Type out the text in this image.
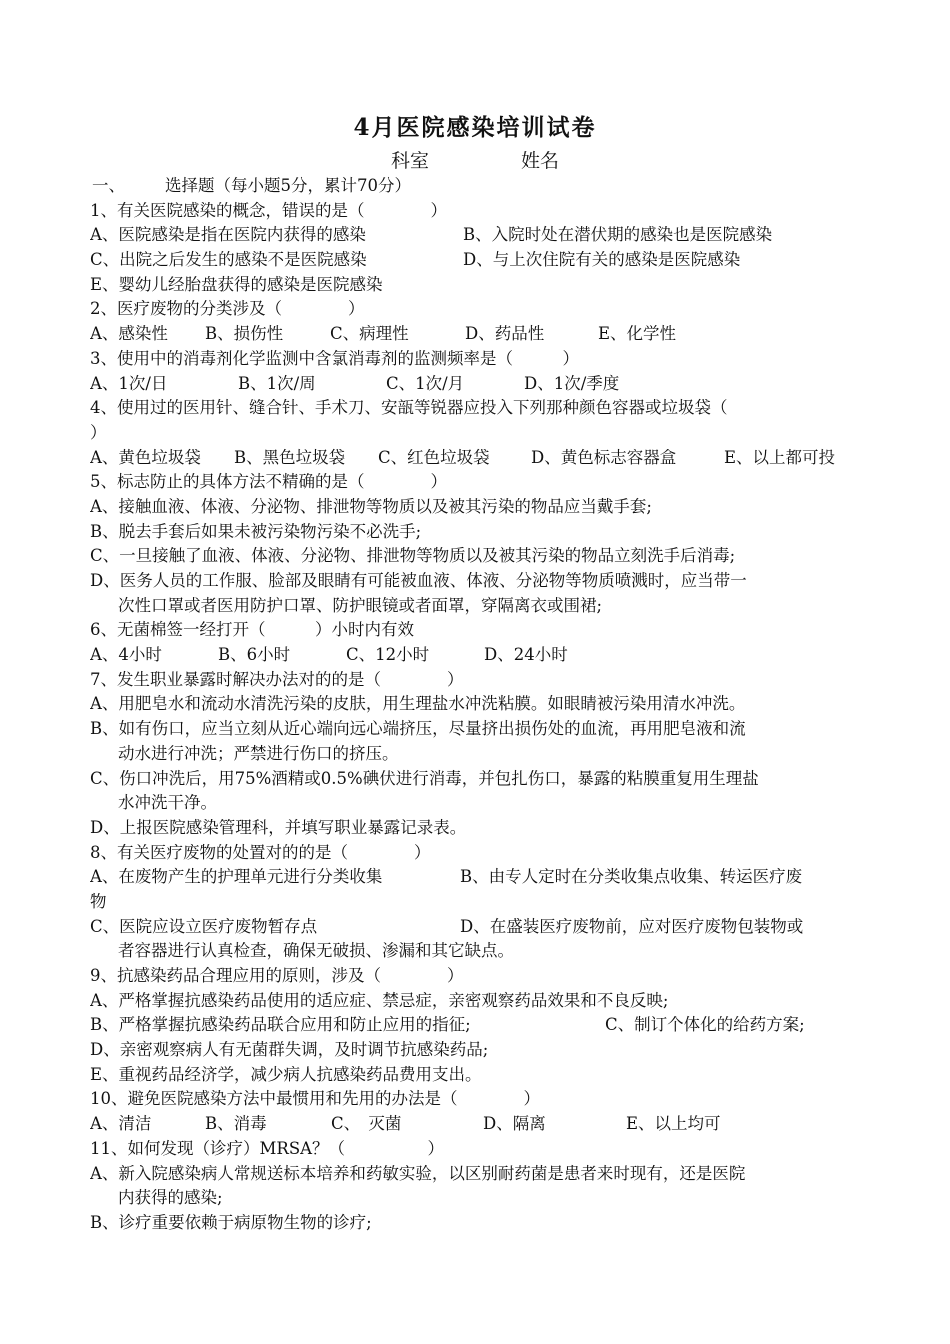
4月医院感染培训试卷
科室	姓名
一、 选择题（每小题5分，累计70分）
1、有关医院感染的概念，错误的是（　　　　）
A、医院感染是指在医院内获得的感染	B、入院时处在潜伏期的感染也是医院感染
C、出院之后发生的感染不是医院感染	D、与上次住院有关的感染是医院感染
E、婴幼儿经胎盘获得的感染是医院感染
2、医疗废物的分类涉及（　　　　）
A、感染性 B、损伤性	C、病理性	D、药品性	E、化学性
3、使用中的消毒剂化学监测中含氯消毒剂的监测频率是（　　　）
A、1次/日	B、1次/周	C、1次/月	D、1次/季度
4、使用过的医用针、缝合针、手术刀、安瓿等锐器应投入下列那种颜色容器或垃圾袋（
）
A、黄色垃圾袋 B、黑色垃圾袋 C、红色垃圾袋	D、黄色标志容器盒	E、以上都可投
5、标志防止的具体方法不精确的是（　　　　）
A、接触血液、体液、分泌物、排泄物等物质以及被其污染的物品应当戴手套;
B、脱去手套后如果未被污染物污染不必洗手;
C、一旦接触了血液、体液、分泌物、排泄物等物质以及被其污染的物品立刻洗手后消毒;
D、医务人员的工作服、脸部及眼睛有可能被血液、体液、分泌物等物质喷溅时，应当带一
次性口罩或者医用防护口罩、防护眼镜或者面罩，穿隔离衣或围裙;
6、无菌棉签一经打开（　　　）小时内有效
A、4小时	B、6小时	C、12小时	D、24小时
7、发生职业暴露时解决办法对的的是（　　　　）
A、用肥皂水和流动水清洗污染的皮肤，用生理盐水冲洗粘膜。如眼睛被污染用清水冲洗。
B、如有伤口，应当立刻从近心端向远心端挤压，尽量挤出损伤处的血流，再用肥皂液和流
动水进行冲洗；严禁进行伤口的挤压。
C、伤口冲洗后，用75%酒精或0.5%碘伏进行消毒，并包扎伤口，暴露的粘膜重复用生理盐
水冲洗干净。
D、上报医院感染管理科，并填写职业暴露记录表。
8、有关医疗废物的处置对的的是（　　　　）
A、在废物产生的护理单元进行分类收集	B、由专人定时在分类收集点收集、转运医疗废
物
C、医院应设立医疗废物暂存点	D、在盛装医疗废物前，应对医疗废物包装物或
者容器进行认真检查，确保无破损、渗漏和其它缺点。
9、抗感染药品合理应用的原则，涉及（　　　　）
A、严格掌握抗感染药品使用的适应症、禁忌症，亲密观察药品效果和不良反映;
B、严格掌握抗感染药品联合应用和防止应用的指征;	C、制订个体化的给药方案;
D、亲密观察病人有无菌群失调，及时调节抗感染药品;
E、重视药品经济学，减少病人抗感染药品费用支出。
10、避免医院感染方法中最惯用和先用的办法是（　　　　）
A、清洁	B、消毒	C、　灭菌	D、隔离	E、以上均可
11、如何发现（诊疗）MRSA？（　　　　　）
A、新入院感染病人常规送标本培养和药敏实验，以区别耐药菌是患者来时现有，还是医院
内获得的感染;
B、诊疗重要依赖于病原物生物的诊疗;
